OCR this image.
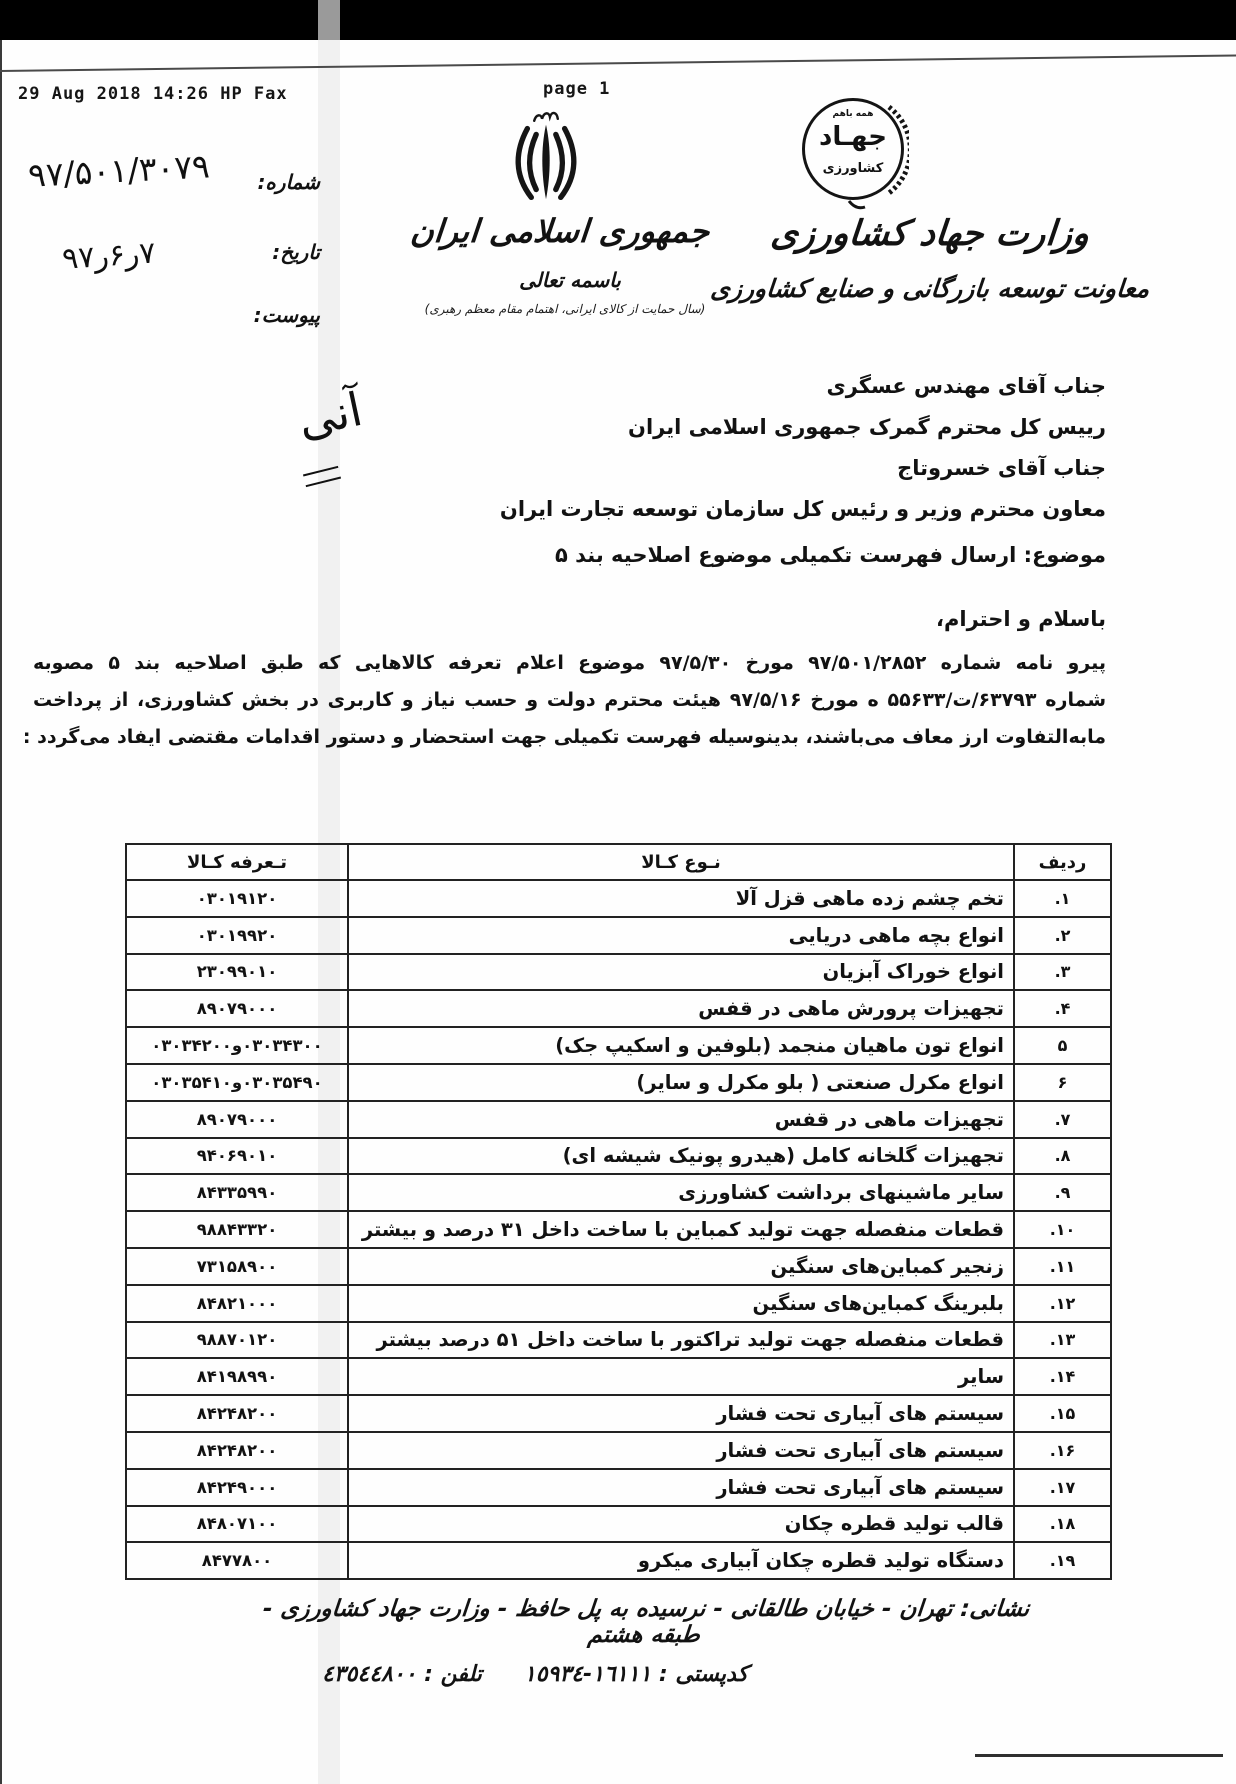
29 Aug 2018 14:26 HP Fax	page 1
همه باهم
جهـاد
کشاورزی
وزارت جهاد کشاورزی
معاونت توسعه بازرگانی و صنایع کشاورزی
جمهوری اسلامی ایران
باسمه تعالی
(سال حمایت از کالای ایرانی، اهتمام مقام معظم رهبری)
شماره:
تاریخ:
پیوست:
۹۷/۵۰۱/۳۰۷۹
۹۷ر۶ر۷
آنی	جناب آقای مهندس عسگری
رییس کل محترم گمرک جمهوری اسلامی ایران
جناب آقای خسروتاج
معاون محترم وزیر و رئیس کل سازمان توسعه تجارت ایران
موضوع: ارسال فهرست تکمیلی موضوع اصلاحیه بند ۵
باسلام و احترام،
پیرو نامه شماره ۹۷/۵۰۱/۲۸۵۲ مورخ ۹۷/۵/۳۰ موضوع اعلام تعرفه کالاهایی که طبق اصلاحیه بند ۵ مصوبه
شماره ۶۳۷۹۳/ت/۵۵۶۳۳ ه مورخ ۹۷/۵/۱۶ هیئت محترم دولت و حسب نیاز و کاربری در بخش کشاورزی، از پرداخت
مابه‌التفاوت ارز معاف می‌باشند، بدینوسیله فهرست تکمیلی جهت استحضار و دستور اقدامات مقتضی ایفاد می‌گردد :
ردیف	نـوع کـالا	تـعرفه کـالا
۱.	تخم چشم زده ماهی قزل آلا	۰۳۰۱۹۱۲۰
۲.	انواع بچه ماهی دریایی	۰۳۰۱۹۹۲۰
۳.	انواع خوراک آبزیان	۲۳۰۹۹۰۱۰
۴.	تجهیزات پرورش ماهی در قفس	۸۹۰۷۹۰۰۰
۵	انواع تون ماهیان منجمد (بلوفین و اسکیپ جک)	۰۳۰۳۴۳۰۰و۰۳۰۳۴۲۰۰
۶	انواع مکرل صنعتی ( بلو مکرل و سایر)	۰۳۰۳۵۴۹۰و۰۳۰۳۵۴۱۰
۷.	تجهیزات ماهی در قفس	۸۹۰۷۹۰۰۰
۸.	تجهیزات گلخانه کامل (هیدرو پونیک شیشه ای)	۹۴۰۶۹۰۱۰
۹.	سایر ماشینهای برداشت کشاورزی	۸۴۳۳۵۹۹۰
۱۰.	قطعات منفصله جهت تولید کمباین با ساخت داخل ۳۱ درصد و بیشتر	۹۸۸۴۳۳۲۰
۱۱.	زنجیر کمباین‌های سنگین	۷۳۱۵۸۹۰۰
۱۲.	بلبرینگ کمباین‌های سنگین	۸۴۸۲۱۰۰۰
۱۳.	قطعات منفصله جهت تولید تراکتور با ساخت داخل ۵۱ درصد بیشتر	۹۸۸۷۰۱۲۰
۱۴.	سایر	۸۴۱۹۸۹۹۰
۱۵.	سیستم های آبیاری تحت فشار	۸۴۲۴۸۲۰۰
۱۶.	سیستم های آبیاری تحت فشار	۸۴۲۴۸۲۰۰
۱۷.	سیستم های آبیاری تحت فشار	۸۴۲۴۹۰۰۰
۱۸.	قالب تولید قطره چکان	۸۴۸۰۷۱۰۰
۱۹.	دستگاه تولید قطره چکان آبیاری میکرو	۸۴۷۷۸۰۰
نشانی: تهران - خیابان طالقانی - نرسیده به پل حافظ - وزارت جهاد کشاورزی - طبقه هشتم
کدپستی : ١٦١١١-١٥٩٣٤
تلفن : ٤٣٥٤٤٨٠٠
